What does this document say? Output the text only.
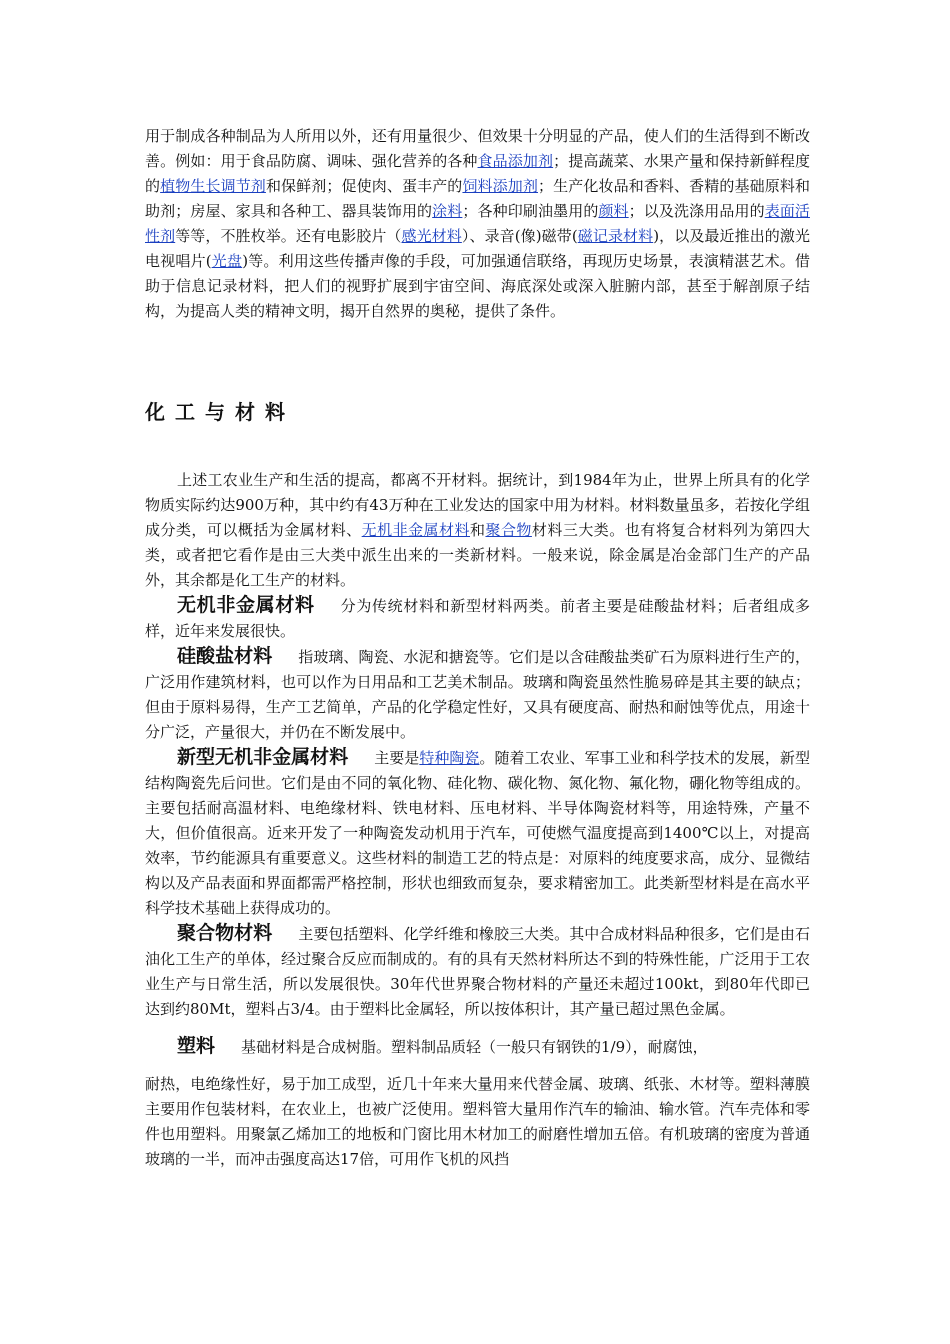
用于制成各种制品为人所用以外，还有用量很少、但效果十分明显的产品，使人们的生活得到不断改善。例如：用于食品防腐、调味、强化营养的各种食品添加剂；提高蔬菜、水果产量和保持新鲜程度的植物生长调节剂和保鲜剂；促使肉、蛋丰产的饲料添加剂；生产化妆品和香料、香精的基础原料和助剂；房屋、家具和各种工、器具装饰用的涂料；各种印刷油墨用的颜料；以及洗涤用品用的表面活性剂等等，不胜枚举。还有电影胶片（感光材料）、录音(像)磁带(磁记录材料)，以及最近推出的激光电视唱片(光盘)等。利用这些传播声像的手段，可加强通信联络，再现历史场景，表演精湛艺术。借助于信息记录材料，把人们的视野扩展到宇宙空间、海底深处或深入脏腑内部，甚至于解剖原子结构，为提高人类的精神文明，揭开自然界的奥秘，提供了条件。

化工与材料

上述工农业生产和生活的提高，都离不开材料。据统计，到1984年为止，世界上所具有的化学物质实际约达900万种，其中约有43万种在工业发达的国家中用为材料。材料数量虽多，若按化学组成分类，可以概括为金属材料、无机非金属材料和聚合物材料三大类。也有将复合材料列为第四大类，或者把它看作是由三大类中派生出来的一类新材料。一般来说，除金属是冶金部门生产的产品外，其余都是化工生产的材料。

无机非金属材料 分为传统材料和新型材料两类。前者主要是硅酸盐材料；后者组成多样，近年来发展很快。

硅酸盐材料 指玻璃、陶瓷、水泥和搪瓷等。它们是以含硅酸盐类矿石为原料进行生产的，广泛用作建筑材料，也可以作为日用品和工艺美术制品。玻璃和陶瓷虽然性脆易碎是其主要的缺点；但由于原料易得，生产工艺简单，产品的化学稳定性好，又具有硬度高、耐热和耐蚀等优点，用途十分广泛，产量很大，并仍在不断发展中。

新型无机非金属材料 主要是特种陶瓷。随着工农业、军事工业和科学技术的发展，新型结构陶瓷先后问世。它们是由不同的氧化物、硅化物、碳化物、氮化物、氟化物，硼化物等组成的。主要包括耐高温材料、电绝缘材料、铁电材料、压电材料、半导体陶瓷材料等，用途特殊，产量不大，但价值很高。近来开发了一种陶瓷发动机用于汽车，可使燃气温度提高到1400℃以上，对提高效率，节约能源具有重要意义。这些材料的制造工艺的特点是：对原料的纯度要求高，成分、显微结构以及产品表面和界面都需严格控制，形状也细致而复杂，要求精密加工。此类新型材料是在高水平科学技术基础上获得成功的。

聚合物材料 主要包括塑料、化学纤维和橡胶三大类。其中合成材料品种很多，它们是由石油化工生产的单体，经过聚合反应而制成的。有的具有天然材料所达不到的特殊性能，广泛用于工农业生产与日常生活，所以发展很快。30年代世界聚合物材料的产量还未超过100kt，到80年代即已达到约80Mt，塑料占3/4。由于塑料比金属轻，所以按体积计，其产量已超过黑色金属。

塑料 基础材料是合成树脂。塑料制品质轻（一般只有钢铁的1/9），耐腐蚀，

耐热，电绝缘性好，易于加工成型，近几十年来大量用来代替金属、玻璃、纸张、木材等。塑料薄膜主要用作包装材料，在农业上，也被广泛使用。塑料管大量用作汽车的输油、输水管。汽车壳体和零件也用塑料。用聚氯乙烯加工的地板和门窗比用木材加工的耐磨性增加五倍。有机玻璃的密度为普通玻璃的一半，而冲击强度高达17倍，可用作飞机的风挡
